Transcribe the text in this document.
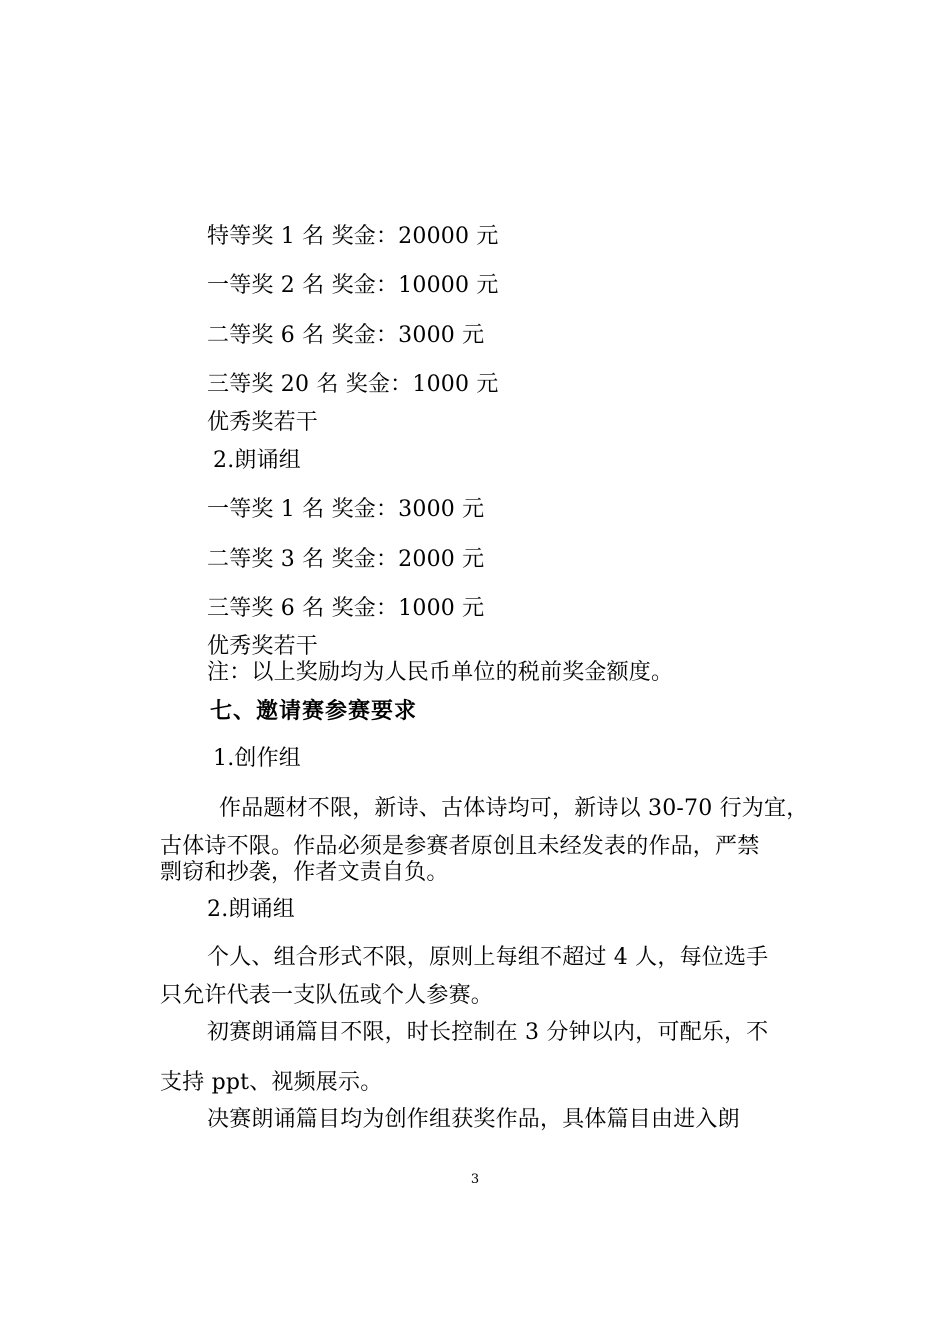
特等奖 1 名 奖金：20000 元
一等奖 2 名 奖金：10000 元
二等奖 6 名 奖金：3000 元
三等奖 20 名 奖金：1000 元
优秀奖若干
2.朗诵组
一等奖 1 名 奖金：3000 元
二等奖 3 名 奖金：2000 元
三等奖 6 名 奖金：1000 元
优秀奖若干
注：以上奖励均为人民币单位的税前奖金额度。
七、邀请赛参赛要求
1.创作组
作品题材不限，新诗、古体诗均可，新诗以 30-70 行为宜，
古体诗不限。作品必须是参赛者原创且未经发表的作品，严禁
剽窃和抄袭，作者文责自负。
2.朗诵组
个人、组合形式不限，原则上每组不超过 4 人，每位选手
只允许代表一支队伍或个人参赛。
初赛朗诵篇目不限，时长控制在 3 分钟以内，可配乐，不
支持 ppt、视频展示。
决赛朗诵篇目均为创作组获奖作品，具体篇目由进入朗
3
